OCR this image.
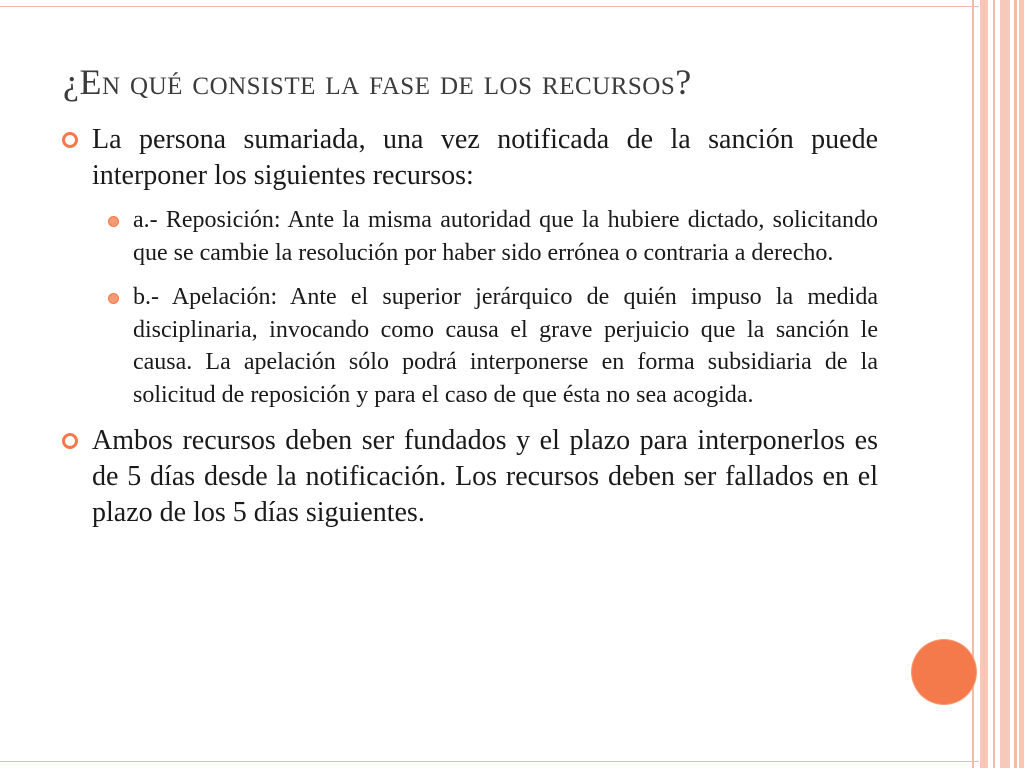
¿En qué consiste la fase de los recursos?
La persona sumariada, una vez notificada de la sanción puede interponer los siguientes recursos:
a.- Reposición: Ante la misma autoridad que la hubiere dictado, solicitando que se cambie la resolución por haber sido errónea o contraria a derecho.
b.- Apelación: Ante el superior jerárquico de quién impuso la medida disciplinaria, invocando como causa el grave perjuicio que la sanción le causa. La apelación sólo podrá interponerse en forma subsidiaria de la solicitud de reposición y para el caso de que ésta no sea acogida.
Ambos recursos deben ser fundados y el plazo para interponerlos es de 5 días desde la notificación. Los recursos deben ser fallados en el plazo de los 5 días siguientes.
